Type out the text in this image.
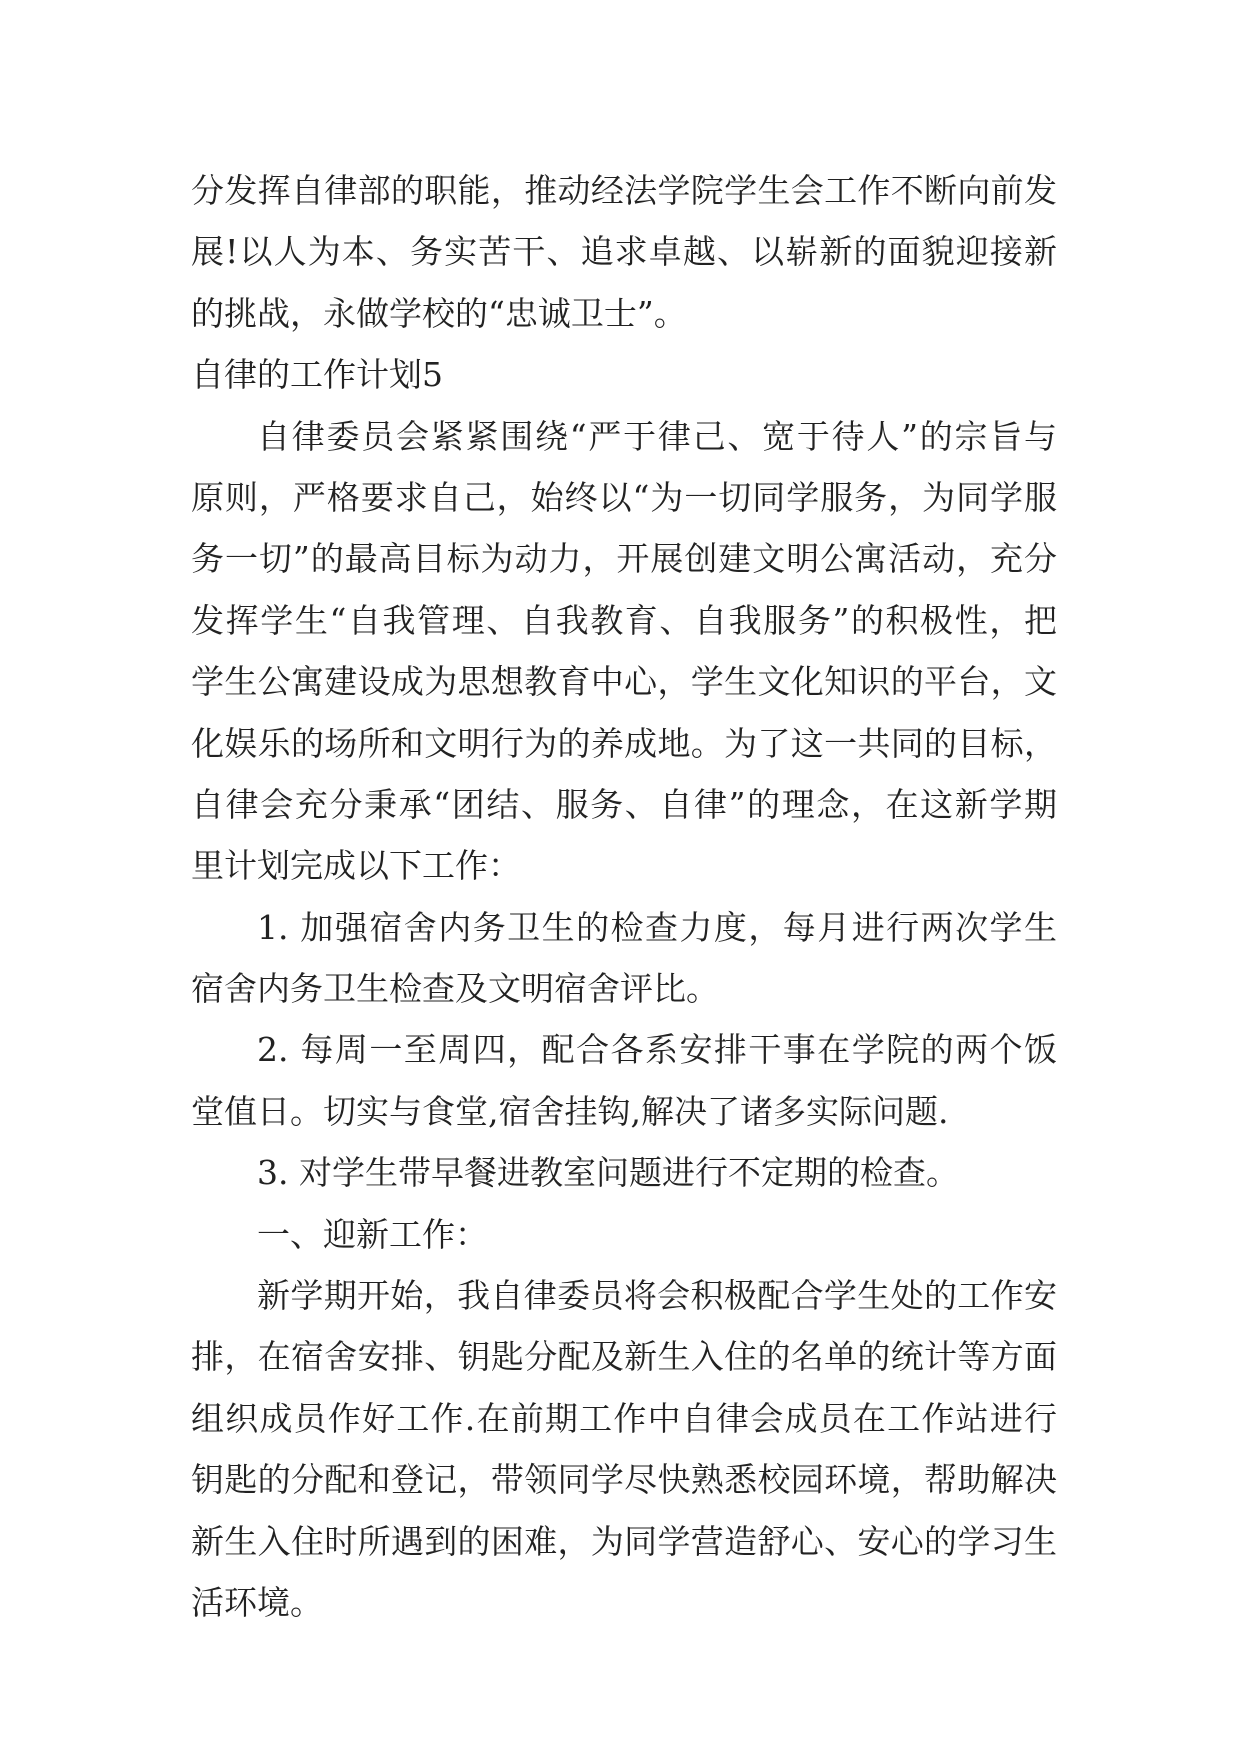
分发挥自律部的职能，推动经法学院学生会工作不断向前发
展!以人为本、务实苦干、追求卓越、以崭新的面貌迎接新
的挑战，永做学校的“忠诚卫士”。
自律的工作计划5
自律委员会紧紧围绕“严于律己、宽于待人”的宗旨与
原则，严格要求自己，始终以“为一切同学服务，为同学服
务一切”的最高目标为动力，开展创建文明公寓活动，充分
发挥学生“自我管理、自我教育、自我服务”的积极性，把
学生公寓建设成为思想教育中心，学生文化知识的平台，文
化娱乐的场所和文明行为的养成地。为了这一共同的目标，
自律会充分秉承“团结、服务、自律”的理念，在这新学期
里计划完成以下工作：
1. 加强宿舍内务卫生的检查力度，每月进行两次学生
宿舍内务卫生检查及文明宿舍评比。
2. 每周一至周四，配合各系安排干事在学院的两个饭
堂值日。切实与食堂,宿舍挂钩,解决了诸多实际问题.
3. 对学生带早餐进教室问题进行不定期的检查。
一、迎新工作：
新学期开始，我自律委员将会积极配合学生处的工作安
排，在宿舍安排、钥匙分配及新生入住的名单的统计等方面
组织成员作好工作.在前期工作中自律会成员在工作站进行
钥匙的分配和登记，带领同学尽快熟悉校园环境，帮助解决
新生入住时所遇到的困难，为同学营造舒心、安心的学习生
活环境。
